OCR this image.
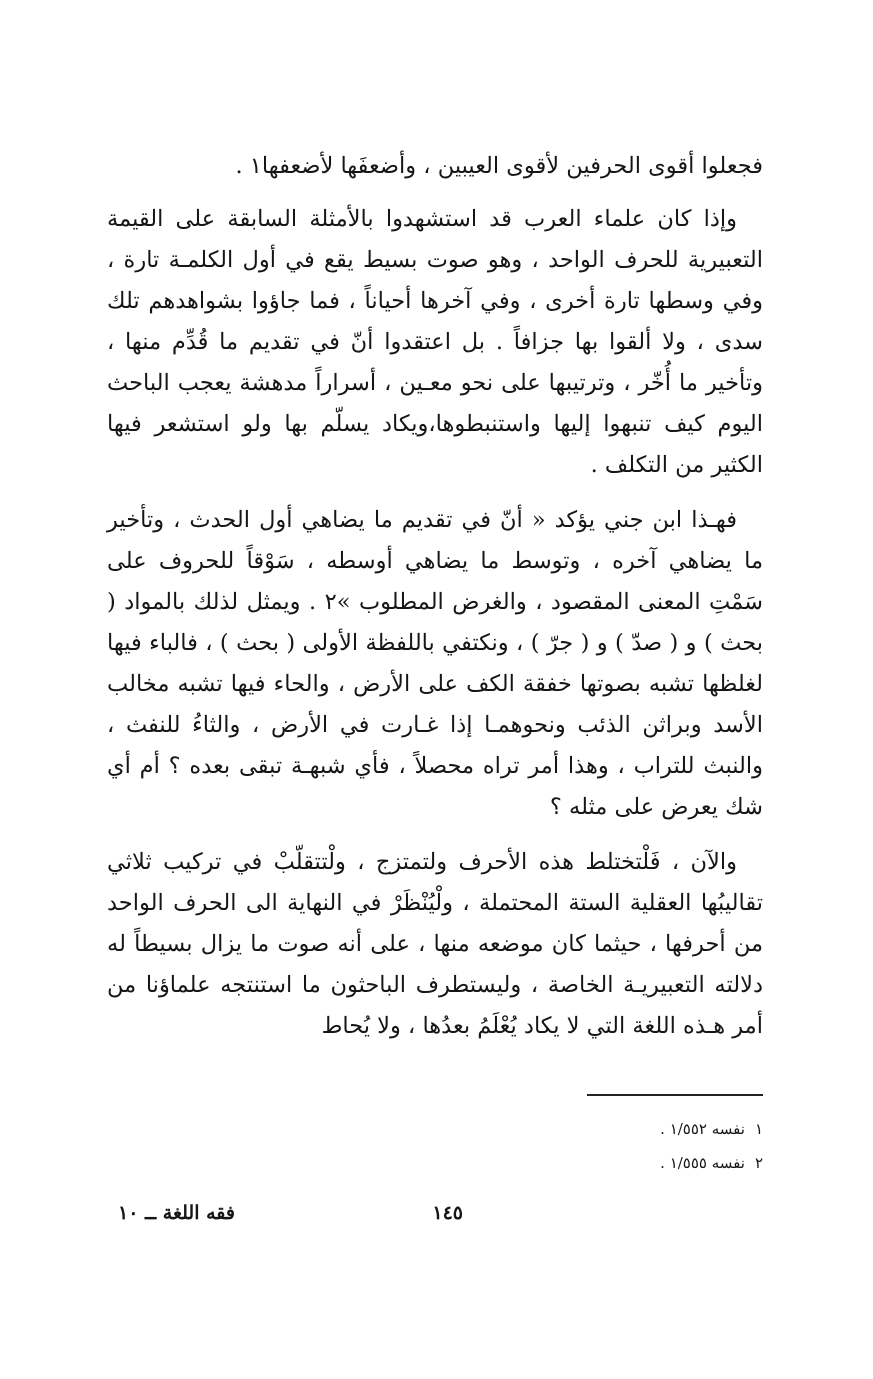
فجعلوا أقوى الحرفين لأقوى العيبين ، وأضعفَها لأضعفها١ .

وإذا كان علماء العرب قد استشهدوا بالأمثلة السابقة على القيمة التعبيرية للحرف الواحد ، وهو صوت بسيط يقع في أول الكلمـة تارة ، وفي وسطها تارة أخرى ، وفي آخرها أحياناً ، فما جاؤوا بشواهدهم تلك سدى ، ولا ألقوا بها جزافاً . بل اعتقدوا أنّ في تقديم ما قُدِّم منها ، وتأخير ما أُخّر ، وترتيبها على نحو معـين ، أسراراً مدهشة يعجب الباحث اليوم كيف تنبهوا إليها واستنبطوها،ويكاد يسلّم بها ولو استشعر فيها الكثير من التكلف .

فهـذا ابن جني يؤكد « أنّ في تقديم ما يضاهي أول الحدث ، وتأخير ما يضاهي آخره ، وتوسط ما يضاهي أوسطه ، سَوْقاً للحروف على سَمْتِ المعنى المقصود ، والغرض المطلوب »٢ . ويمثل لذلك بالمواد ( بحث ) و ( صدّ ) و ( جرّ ) ، ونكتفي باللفظة الأولى ( بحث ) ، فالباء فيها لغلظها تشبه بصوتها خفقة الكف على الأرض ، والحاء فيها تشبه مخالب الأسد وبراثن الذئب ونحوهمـا إذا غـارت في الأرض ، والثاءُ للنفث ، والنبث للتراب ، وهذا أمر تراه محصلاً ، فأي شبهـة تبقى بعده ؟ أم أي شك يعرض على مثله ؟

والآن ، فَلْتختلط هذه الأحرف ولتمتزج ، ولْتتقلّبْ في تركيب ثلاثي تقاليبُها العقلية الستة المحتملة ، ولْيُنْظَرْ في النهاية الى الحرف الواحد من أحرفها ، حيثما كان موضعه منها ، على أنه صوت ما يزال بسيطاً له دلالته التعبيريـة الخاصة ، وليستطرف الباحثون ما استنتجه علماؤنا من أمر هـذه اللغة التي لا يكاد يُعْلَمُ بعدُها ، ولا يُحاط

١نفسه ١/٥٥٢ .

٢نفسه ١/٥٥٥ .

١٤٥
فقه اللغة ــ ١٠
